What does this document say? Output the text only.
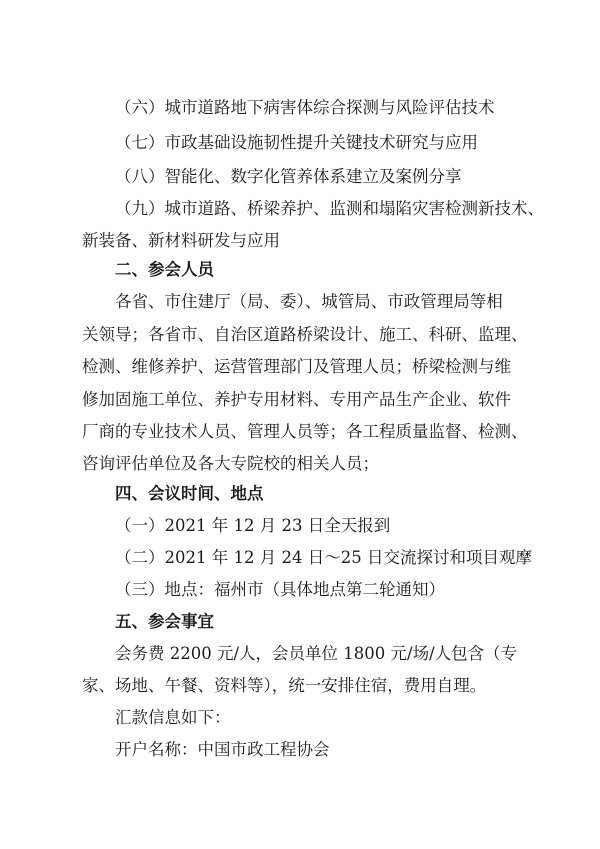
（六）城市道路地下病害体综合探测与风险评估技术
（七）市政基础设施韧性提升关键技术研究与应用
（八）智能化、数字化管养体系建立及案例分享
（九）城市道路、桥梁养护、监测和塌陷灾害检测新技术、
新装备、新材料研发与应用
二、参会人员
各省、市住建厅（局、委）、城管局、市政管理局等相
关领导；各省市、自治区道路桥梁设计、施工、科研、监理、
检测、维修养护、运营管理部门及管理人员；桥梁检测与维
修加固施工单位、养护专用材料、专用产品生产企业、软件
厂商的专业技术人员、管理人员等；各工程质量监督、检测、
咨询评估单位及各大专院校的相关人员；
四、会议时间、地点
（一）2021 年 12 月 23 日全天报到
（二）2021 年 12 月 24 日～25 日交流探讨和项目观摩
（三）地点：福州市（具体地点第二轮通知）
五、参会事宜
会务费 2200 元/人，会员单位 1800 元/场/人包含（专
家、场地、午餐、资料等），统一安排住宿，费用自理。
汇款信息如下：
开户名称：中国市政工程协会
